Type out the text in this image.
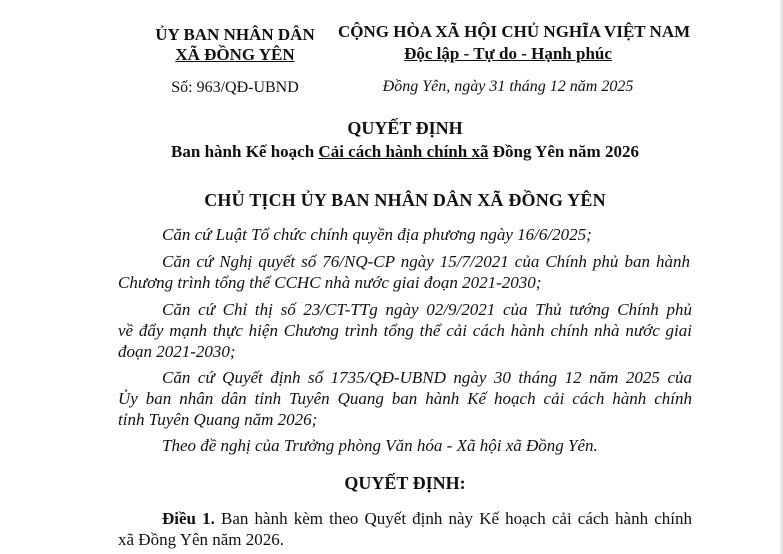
ỦY BAN NHÂN DÂN
XÃ ĐỒNG YÊN
Số: 963/QĐ-UBND
CỘNG HÒA XÃ HỘI CHỦ NGHĨA VIỆT NAM
Độc lập - Tự do - Hạnh phúc
Đồng Yên, ngày 31 tháng 12 năm 2025
QUYẾT ĐỊNH
Ban hành Kế hoạch Cải cách hành chính xã Đồng Yên năm 2026
CHỦ TỊCH ỦY BAN NHÂN DÂN XÃ ĐỒNG YÊN
Căn cứ Luật Tổ chức chính quyền địa phương ngày 16/6/2025;
Căn cứ Nghị quyết số 76/NQ-CP ngày 15/7/2021 của Chính phủ ban hành
Chương trình tổng thể CCHC nhà nước giai đoạn 2021-2030;
Căn cứ Chỉ thị số 23/CT-TTg ngày 02/9/2021 của Thủ tướng Chính phủ
về đẩy mạnh thực hiện Chương trình tổng thể cải cách hành chính nhà nước giai
đoạn 2021-2030;
Căn cứ Quyết định số 1735/QĐ-UBND ngày 30 tháng 12 năm 2025 của
Ủy ban nhân dân tỉnh Tuyên Quang ban hành Kế hoạch cải cách hành chính
tỉnh Tuyên Quang năm 2026;
Theo đề nghị của Trưởng phòng Văn hóa - Xã hội xã Đồng Yên.
QUYẾT ĐỊNH:
Điều 1. Ban hành kèm theo Quyết định này Kế hoạch cải cách hành chính
xã Đồng Yên năm 2026.
